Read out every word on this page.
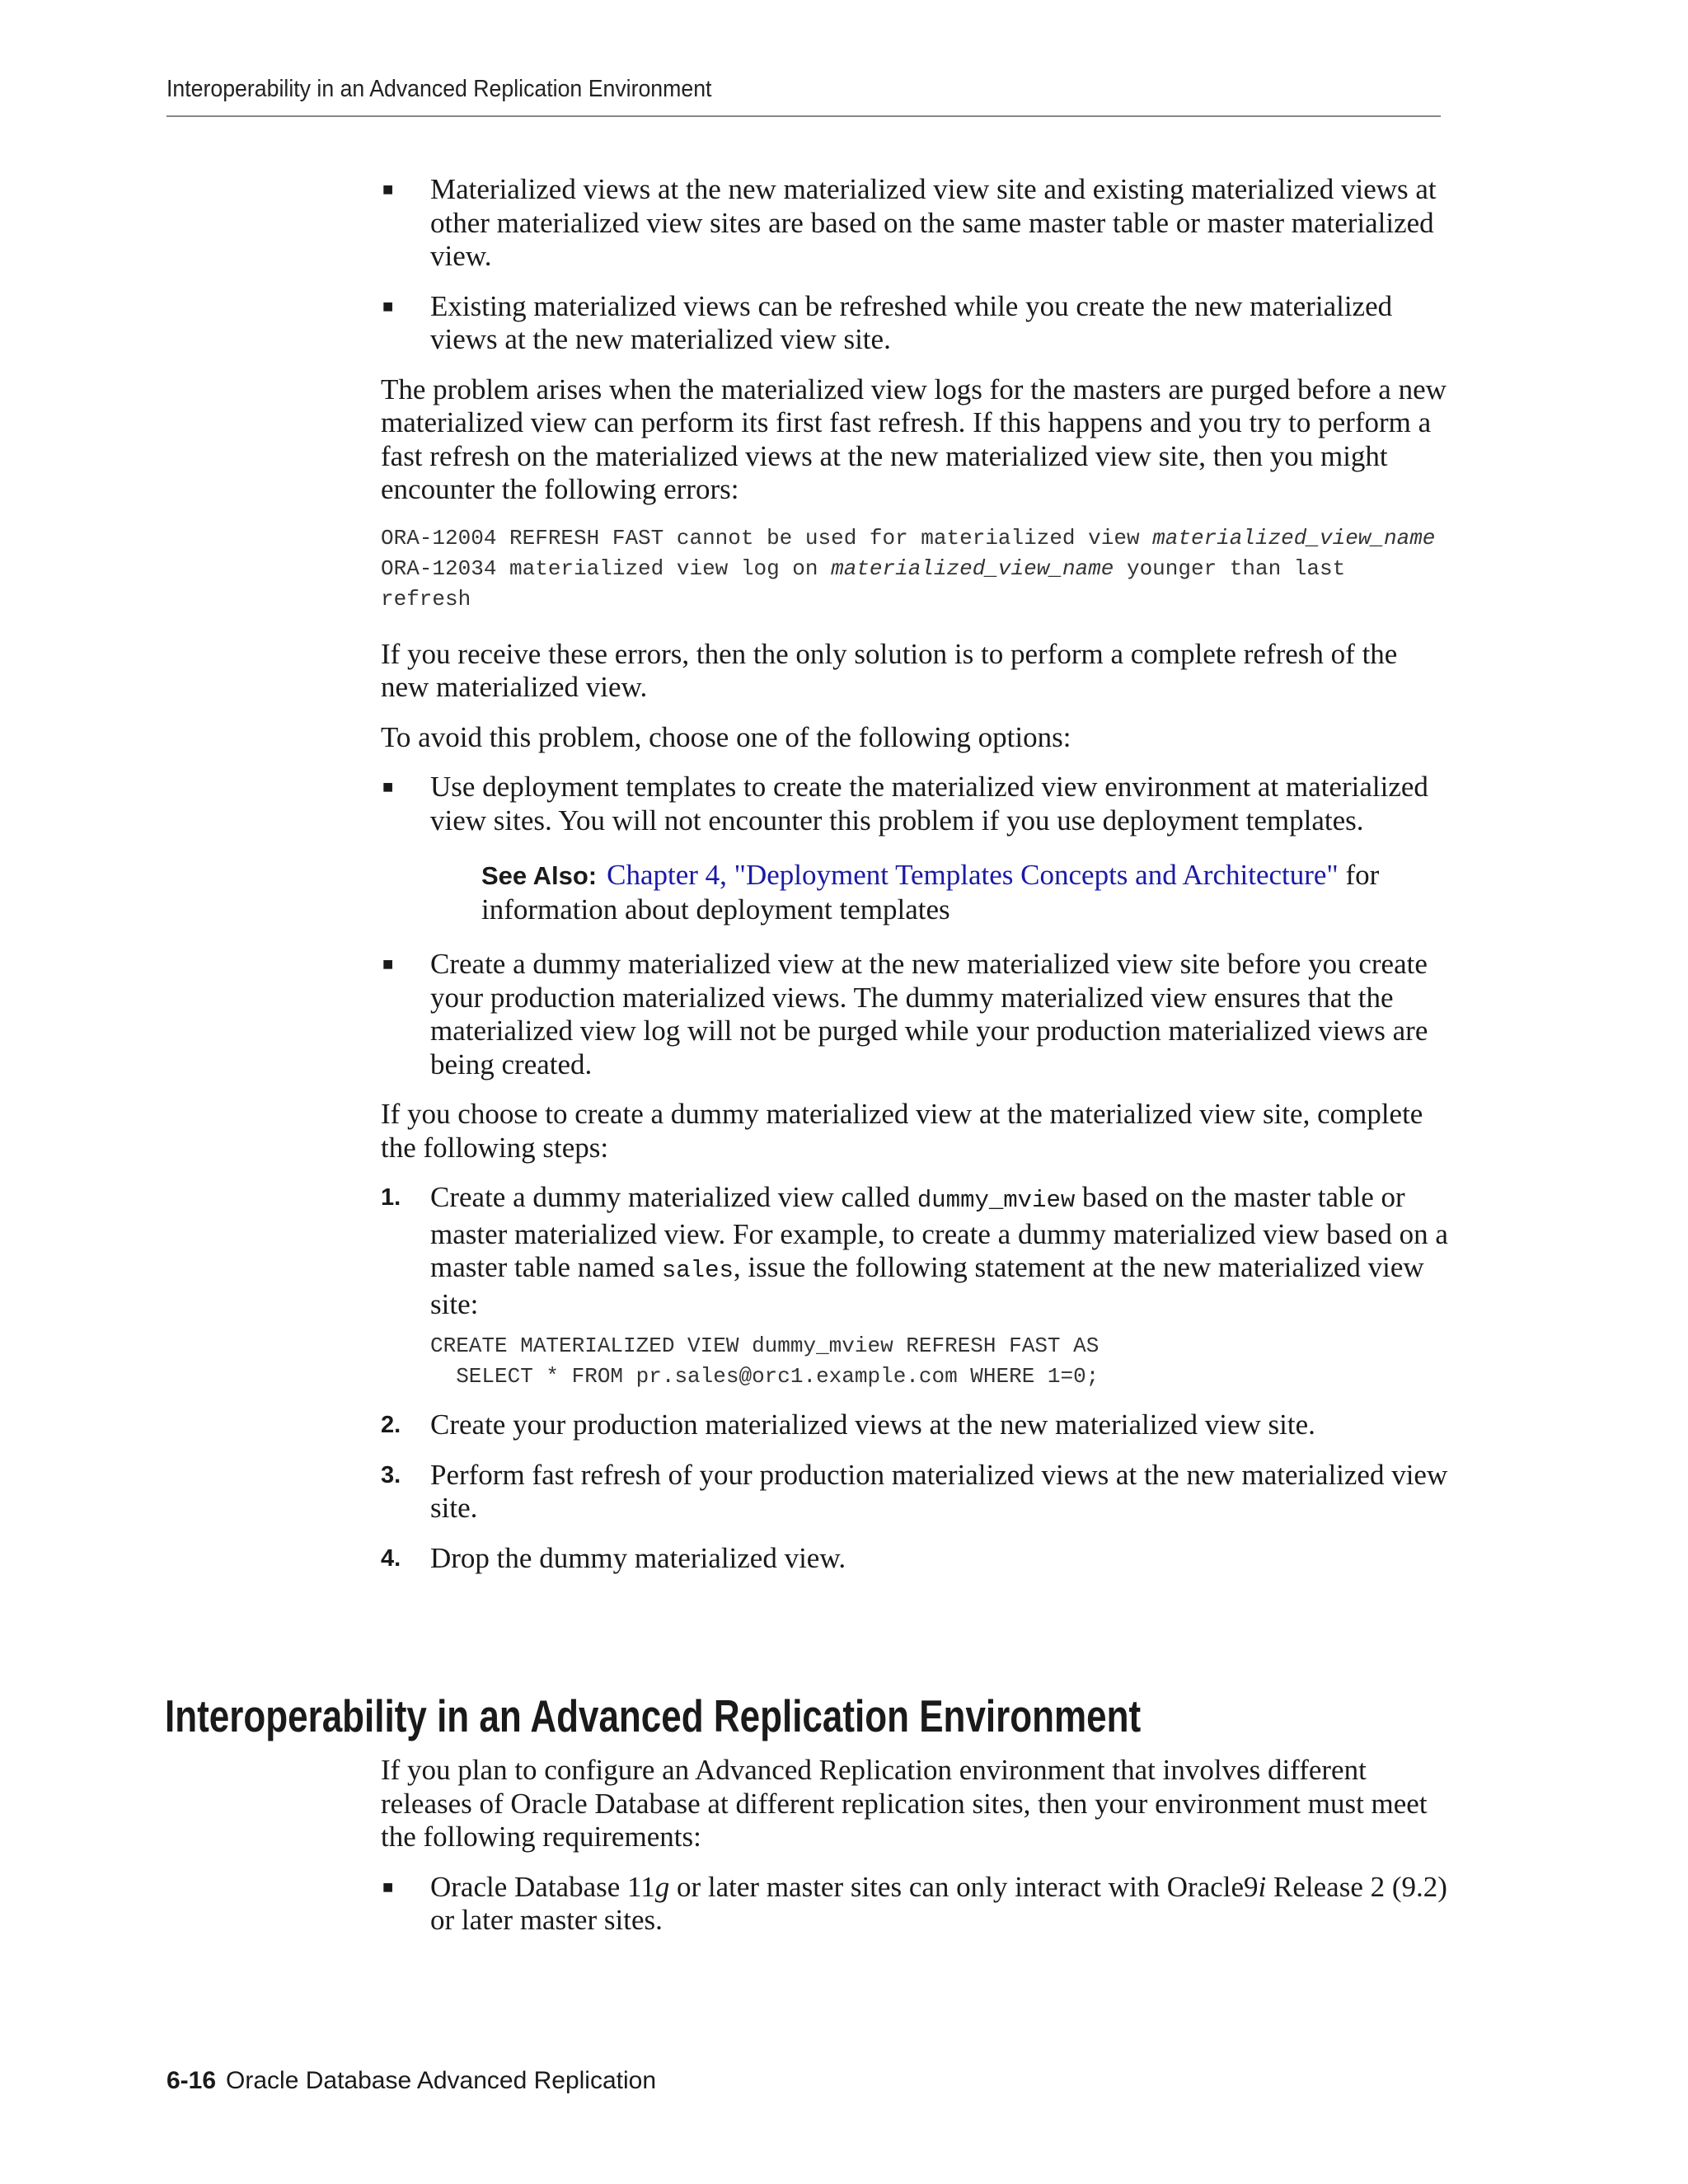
Interoperability in an Advanced Replication Environment
■ Materialized views at the new materialized view site and existing materialized views at other materialized view sites are based on the same master table or master materialized view.
■ Existing materialized views can be refreshed while you create the new materialized views at the new materialized view site.

The problem arises when the materialized view logs for the masters are purged before a new materialized view can perform its first fast refresh. If this happens and you try to perform a fast refresh on the materialized views at the new materialized view site, then you might encounter the following errors:

ORA-12004 REFRESH FAST cannot be used for materialized view materialized_view_name
ORA-12034 materialized view log on materialized_view_name younger than last
refresh

If you receive these errors, then the only solution is to perform a complete refresh of the new materialized view.

To avoid this problem, choose one of the following options:

■ Use deployment templates to create the materialized view environment at materialized view sites. You will not encounter this problem if you use deployment templates.
See Also: Chapter 4, "Deployment Templates Concepts and Architecture" for information about deployment templates
■ Create a dummy materialized view at the new materialized view site before you create your production materialized views. The dummy materialized view ensures that the materialized view log will not be purged while your production materialized views are being created.

If you choose to create a dummy materialized view at the materialized view site, complete the following steps:

1. Create a dummy materialized view called dummy_mview based on the master table or master materialized view. For example, to create a dummy materialized view based on a master table named sales, issue the following statement at the new materialized view site:
CREATE MATERIALIZED VIEW dummy_mview REFRESH FAST AS
SELECT * FROM pr.sales@orc1.example.com WHERE 1=0;
2. Create your production materialized views at the new materialized view site.
3. Perform fast refresh of your production materialized views at the new materialized view site.
4. Drop the dummy materialized view.
Interoperability in an Advanced Replication Environment

If you plan to configure an Advanced Replication environment that involves different releases of Oracle Database at different replication sites, then your environment must meet the following requirements:

■ Oracle Database 11g or later master sites can only interact with Oracle9i Release 2 (9.2) or later master sites.
6-16 Oracle Database Advanced Replication
